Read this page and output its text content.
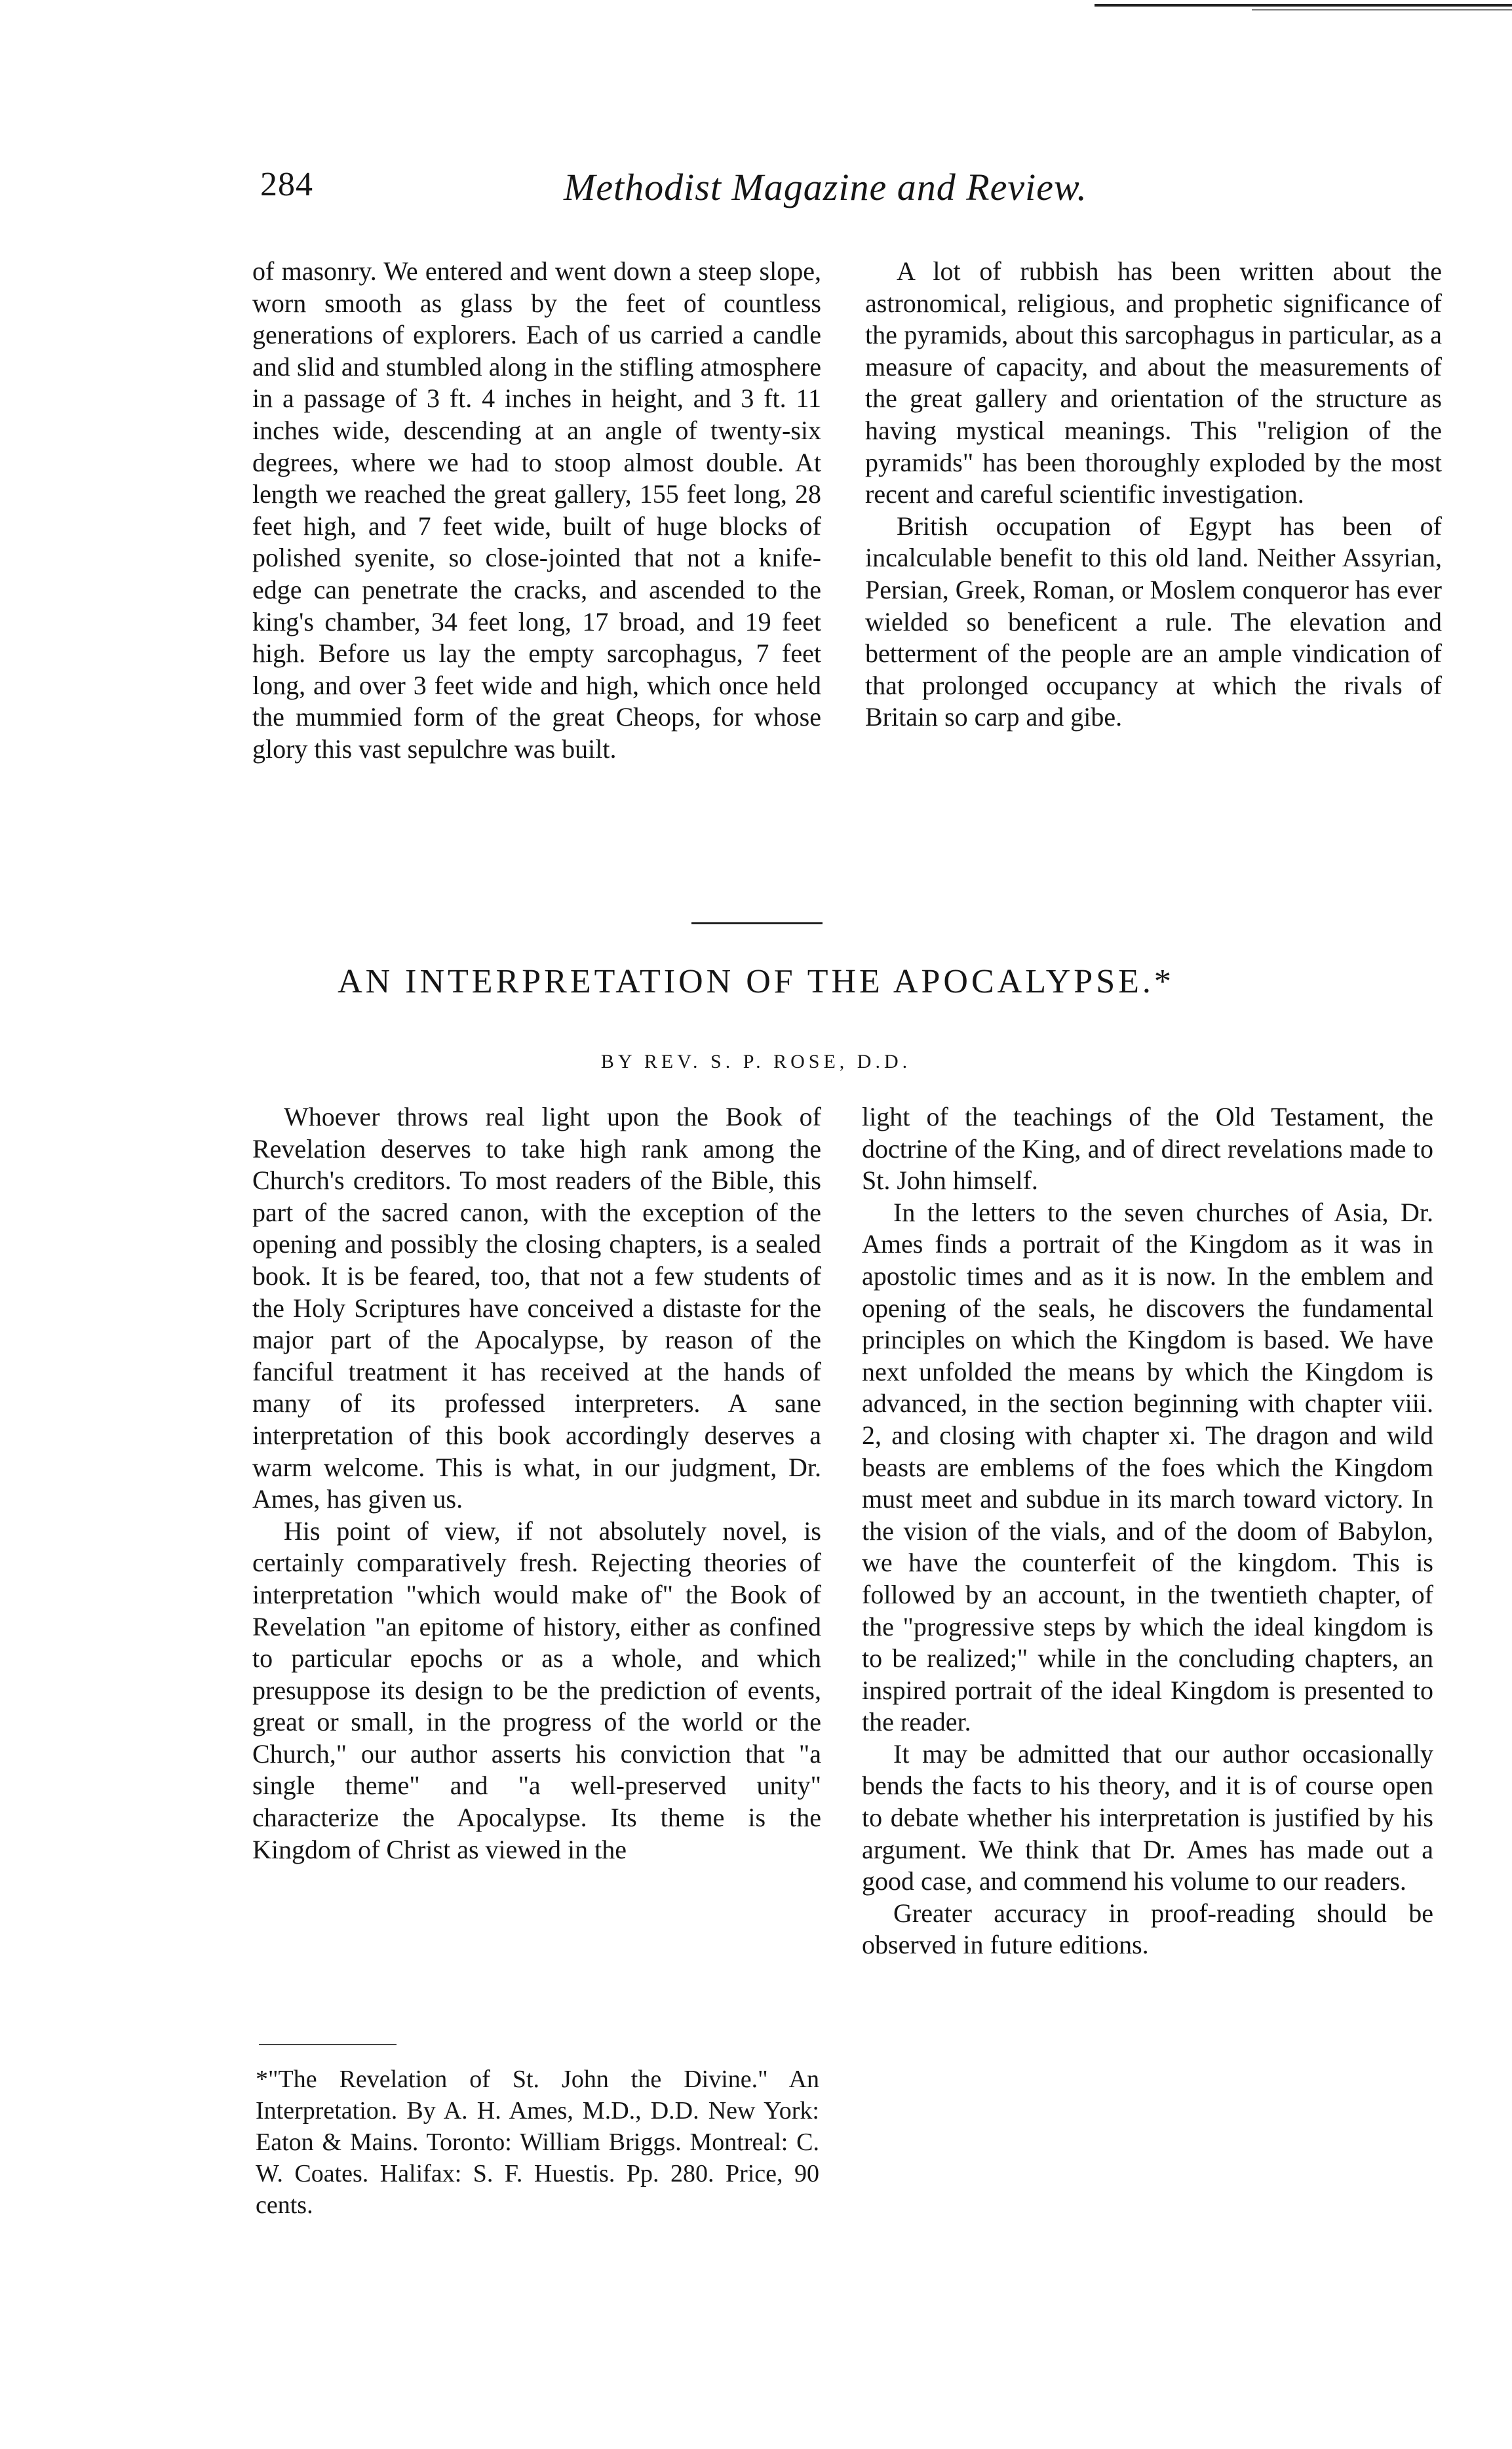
284	Methodist Magazine and Review.

of masonry. We entered and went down a steep slope, worn smooth as glass by the feet of countless generations of explorers. Each of us carried a candle and slid and stumbled along in the stifling atmosphere in a passage of 3 ft. 4 inches in height, and 3 ft. 11 inches wide, descending at an angle of twenty-six degrees, where we had to stoop almost double. At length we reached the great gallery, 155 feet long, 28 feet high, and 7 feet wide, built of huge blocks of polished syenite, so close-jointed that not a knife-edge can penetrate the cracks, and ascended to the king's chamber, 34 feet long, 17 broad, and 19 feet high. Before us lay the empty sarcophagus, 7 feet long, and over 3 feet wide and high, which once held the mummied form of the great Cheops, for whose glory this vast sepulchre was built.

A lot of rubbish has been written about the astronomical, religious, and prophetic significance of the pyramids, about this sarcophagus in particular, as a measure of capacity, and about the measurements of the great gallery and orientation of the structure as having mystical meanings. This "religion of the pyramids" has been thoroughly exploded by the most recent and careful scientific investigation.

British occupation of Egypt has been of incalculable benefit to this old land. Neither Assyrian, Persian, Greek, Roman, or Moslem conqueror has ever wielded so beneficent a rule. The elevation and betterment of the people are an ample vindication of that prolonged occupancy at which the rivals of Britain so carp and gibe.

AN INTERPRETATION OF THE APOCALYPSE.*
BY REV. S. P. ROSE, D.D.

Whoever throws real light upon the Book of Revelation deserves to take high rank among the Church's creditors. To most readers of the Bible, this part of the sacred canon, with the exception of the opening and possibly the closing chapters, is a sealed book. It is be feared, too, that not a few students of the Holy Scriptures have conceived a distaste for the major part of the Apocalypse, by reason of the fanciful treatment it has received at the hands of many of its professed interpreters. A sane interpretation of this book accordingly deserves a warm welcome. This is what, in our judgment, Dr. Ames, has given us.

His point of view, if not absolutely novel, is certainly comparatively fresh. Rejecting theories of interpretation "which would make of" the Book of Revelation "an epitome of history, either as confined to particular epochs or as a whole, and which presuppose its design to be the prediction of events, great or small, in the progress of the world or the Church," our author asserts his conviction that "a single theme" and "a well-preserved unity" characterize the Apocalypse. Its theme is the Kingdom of Christ as viewed in the

light of the teachings of the Old Testament, the doctrine of the King, and of direct revelations made to St. John himself.

In the letters to the seven churches of Asia, Dr. Ames finds a portrait of the Kingdom as it was in apostolic times and as it is now. In the emblem and opening of the seals, he discovers the fundamental principles on which the Kingdom is based. We have next unfolded the means by which the Kingdom is advanced, in the section beginning with chapter viii. 2, and closing with chapter xi. The dragon and wild beasts are emblems of the foes which the Kingdom must meet and subdue in its march toward victory. In the vision of the vials, and of the doom of Babylon, we have the counterfeit of the kingdom. This is followed by an account, in the twentieth chapter, of the "progressive steps by which the ideal kingdom is to be realized;" while in the concluding chapters, an inspired portrait of the ideal Kingdom is presented to the reader.

It may be admitted that our author occasionally bends the facts to his theory, and it is of course open to debate whether his interpretation is justified by his argument. We think that Dr. Ames has made out a good case, and commend his volume to our readers.

Greater accuracy in proof-reading should be observed in future editions.

*"The Revelation of St. John the Divine." An Interpretation. By A. H. Ames, M.D., D.D. New York: Eaton & Mains. Toronto: William Briggs. Montreal: C. W. Coates. Halifax: S. F. Huestis. Pp. 280. Price, 90 cents.
